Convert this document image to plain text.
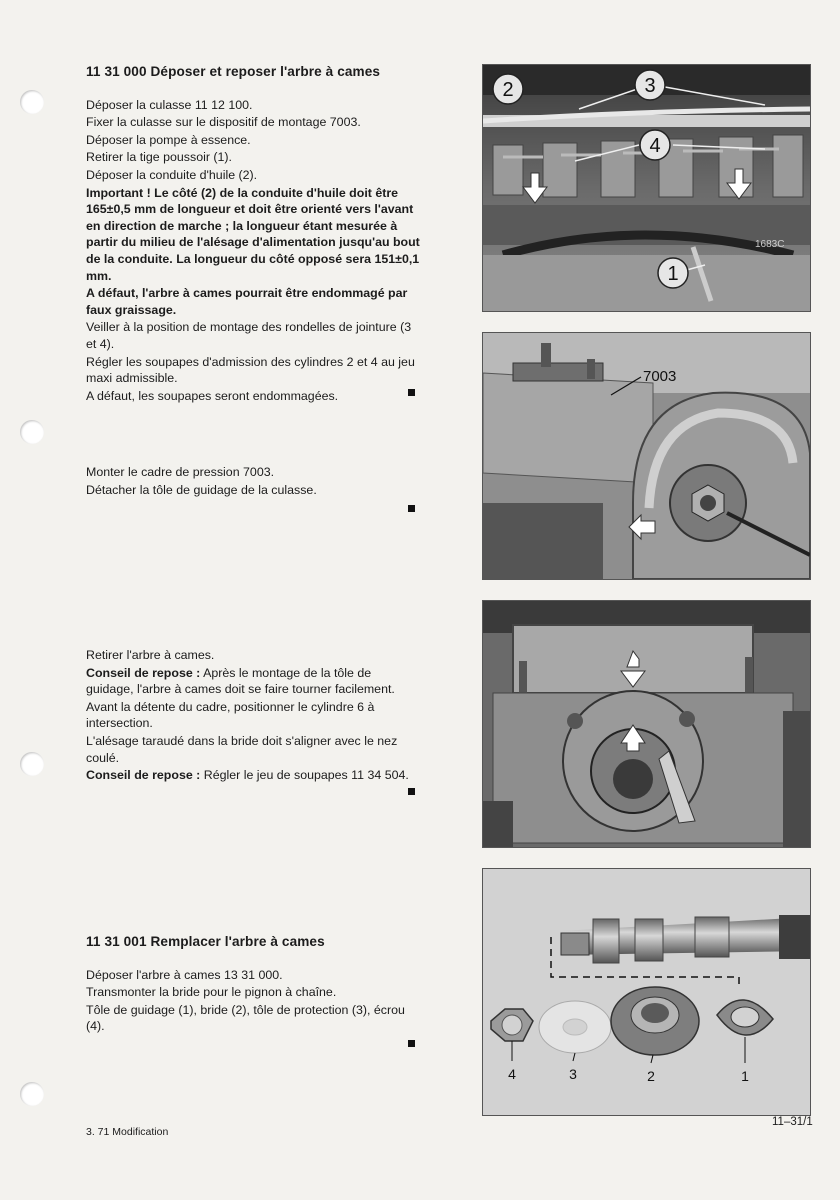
11 31 000 Déposer et reposer l'arbre à cames

Déposer la culasse 11 12 100.

Fixer la culasse sur le dispositif de montage 7003.

Déposer la pompe à essence.

Retirer la tige poussoir (1).

Déposer la conduite d'huile (2).

Important ! Le côté (2) de la conduite d'huile doit être 165±0,5 mm de longueur et doit être orienté vers l'avant en direction de marche ; la longueur étant mesurée à partir du milieu de l'alésage d'alimentation jusqu'au bout de la conduite. La longueur du côté opposé sera 151±0,1 mm.

A défaut, l'arbre à cames pourrait être endommagé par faux graissage.

Veiller à la position de montage des rondelles de jointure (3 et 4).

Régler les soupapes d'admission des cylindres 2 et 4 au jeu maxi admissible.

A défaut, les soupapes seront endommagées.

Monter le cadre de pression 7003.

Détacher la tôle de guidage de la culasse.

Retirer l'arbre à cames.

Conseil de repose : Après le montage de la tôle de guidage, l'arbre à cames doit se faire tourner facilement.

Avant la détente du cadre, positionner le cylindre 6 à intersection.

L'alésage taraudé dans la bride doit s'aligner avec le nez coulé.

Conseil de repose : Régler le jeu de soupapes 11 34 504.

11 31 001 Remplacer l'arbre à cames

Déposer l'arbre à cames 13 31 000.

Transmonter la bride pour le pignon à chaîne.

Tôle de guidage (1), bride (2), tôle de protection (3), écrou (4).

2	3
4
1
1683C
7003
4	3	2	1
3. 71 Modification
11–31/1
